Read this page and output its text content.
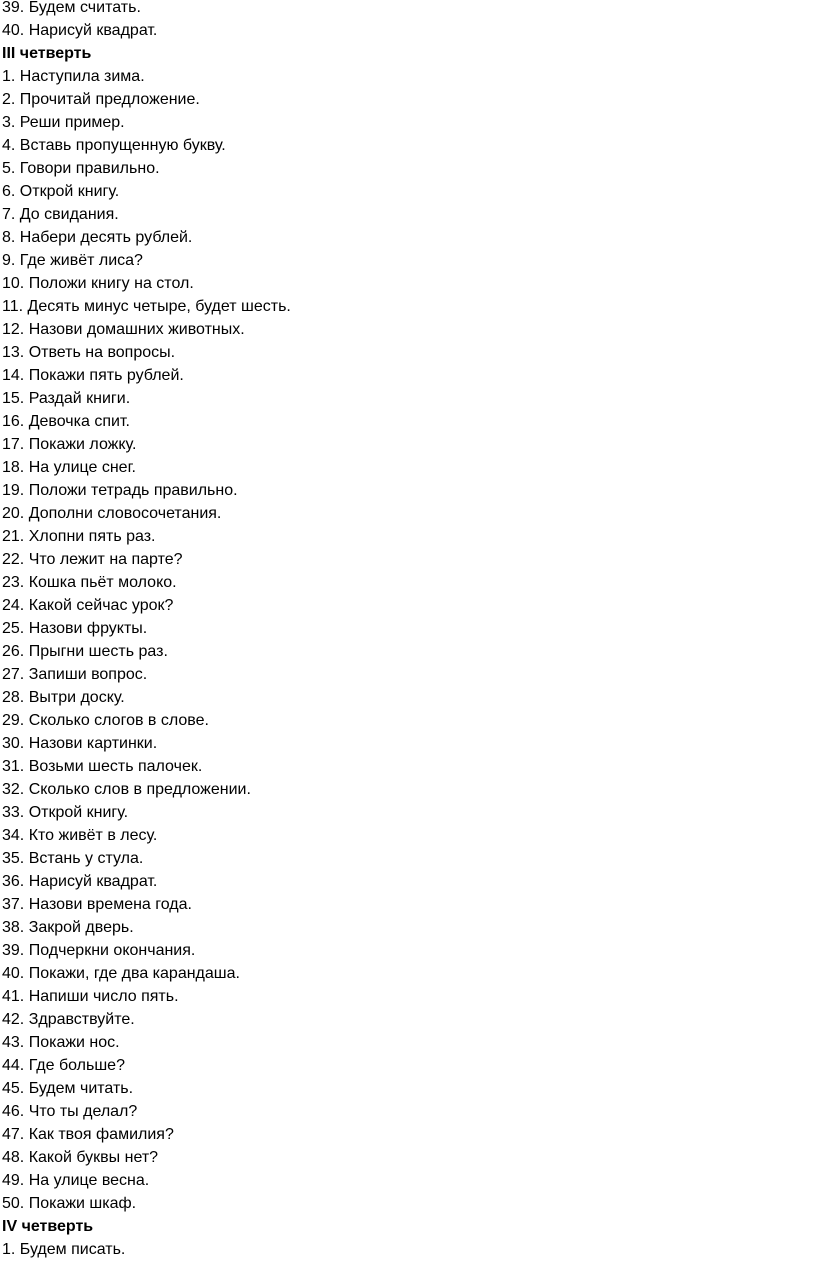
39. Будем считать.
40. Нарисуй квадрат.
III четверть
1. Наступила зима.
2. Прочитай предложение.
3. Реши пример.
4. Вставь пропущенную букву.
5. Говори правильно.
6. Открой книгу.
7. До свидания.
8. Набери десять рублей.
9. Где живёт лиса?
10. Положи книгу на стол.
11. Десять минус четыре, будет шесть.
12. Назови домашних животных.
13. Ответь на вопросы.
14. Покажи пять рублей.
15. Раздай книги.
16. Девочка спит.
17. Покажи ложку.
18. На улице снег.
19. Положи тетрадь правильно.
20. Дополни словосочетания.
21. Хлопни пять раз.
22. Что лежит на парте?
23. Кошка пьёт молоко.
24. Какой сейчас урок?
25. Назови фрукты.
26. Прыгни шесть раз.
27. Запиши вопрос.
28. Вытри доску.
29. Сколько слогов в слове.
30. Назови картинки.
31. Возьми шесть палочек.
32. Сколько слов в предложении.
33. Открой книгу.
34. Кто живёт в лесу.
35. Встань у стула.
36. Нарисуй квадрат.
37. Назови времена года.
38. Закрой дверь.
39. Подчеркни окончания.
40. Покажи, где два карандаша.
41. Напиши число пять.
42. Здравствуйте.
43. Покажи нос.
44. Где больше?
45. Будем читать.
46. Что ты делал?
47. Как твоя фамилия?
48. Какой буквы нет?
49. На улице весна.
50. Покажи шкаф.
IV четверть
1. Будем писать.
